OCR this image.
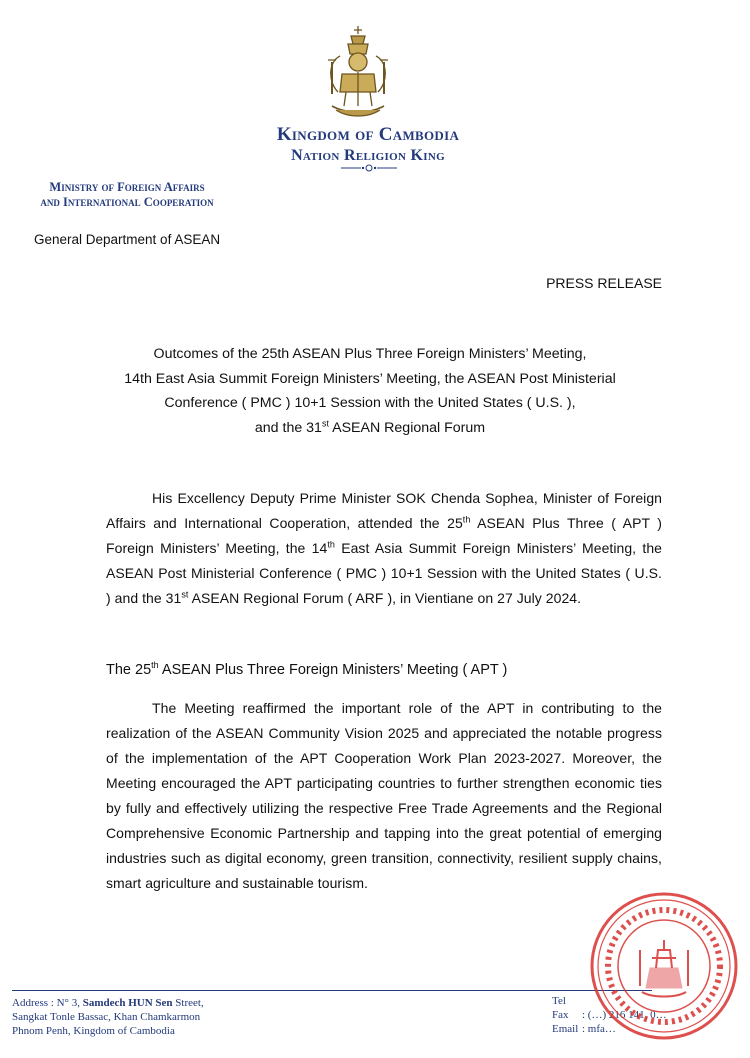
Kingdom of Cambodia
Nation Religion King
Ministry of Foreign Affairs
and International Cooperation
General Department of ASEAN
PRESS RELEASE
Outcomes of the 25th ASEAN Plus Three Foreign Ministers’ Meeting,
14th East Asia Summit Foreign Ministers’ Meeting, the ASEAN Post Ministerial
Conference ( PMC ) 10+1 Session with the United States ( U.S. ),
and the 31st ASEAN Regional Forum
His Excellency Deputy Prime Minister SOK Chenda Sophea, Minister of Foreign Affairs and International Cooperation, attended the 25th ASEAN Plus Three ( APT ) Foreign Ministers’ Meeting, the 14th East Asia Summit Foreign Ministers’ Meeting, the ASEAN Post Ministerial Conference ( PMC ) 10+1 Session with the United States ( U.S. ) and the 31st ASEAN Regional Forum ( ARF ), in Vientiane on 27 July 2024.
The 25th ASEAN Plus Three Foreign Ministers’ Meeting ( APT )
The Meeting reaffirmed the important role of the APT in contributing to the realization of the ASEAN Community Vision 2025 and appreciated the notable progress of the implementation of the APT Cooperation Work Plan 2023-2027. Moreover, the Meeting encouraged the APT participating countries to further strengthen economic ties by fully and effectively utilizing the respective Free Trade Agreements and the Regional Comprehensive Economic Partnership and tapping into the great potential of emerging industries such as digital economy, green transition, connectivity, resilient supply chains, smart agriculture and sustainable tourism.
Address : N° 3, Samdech HUN Sen Street,
Sangkat Tonle Bassac, Khan Chamkarmon
Phnom Penh, Kingdom of Cambodia
Tel
Fax : (…) 216 141, 0…
Email : mfa…
